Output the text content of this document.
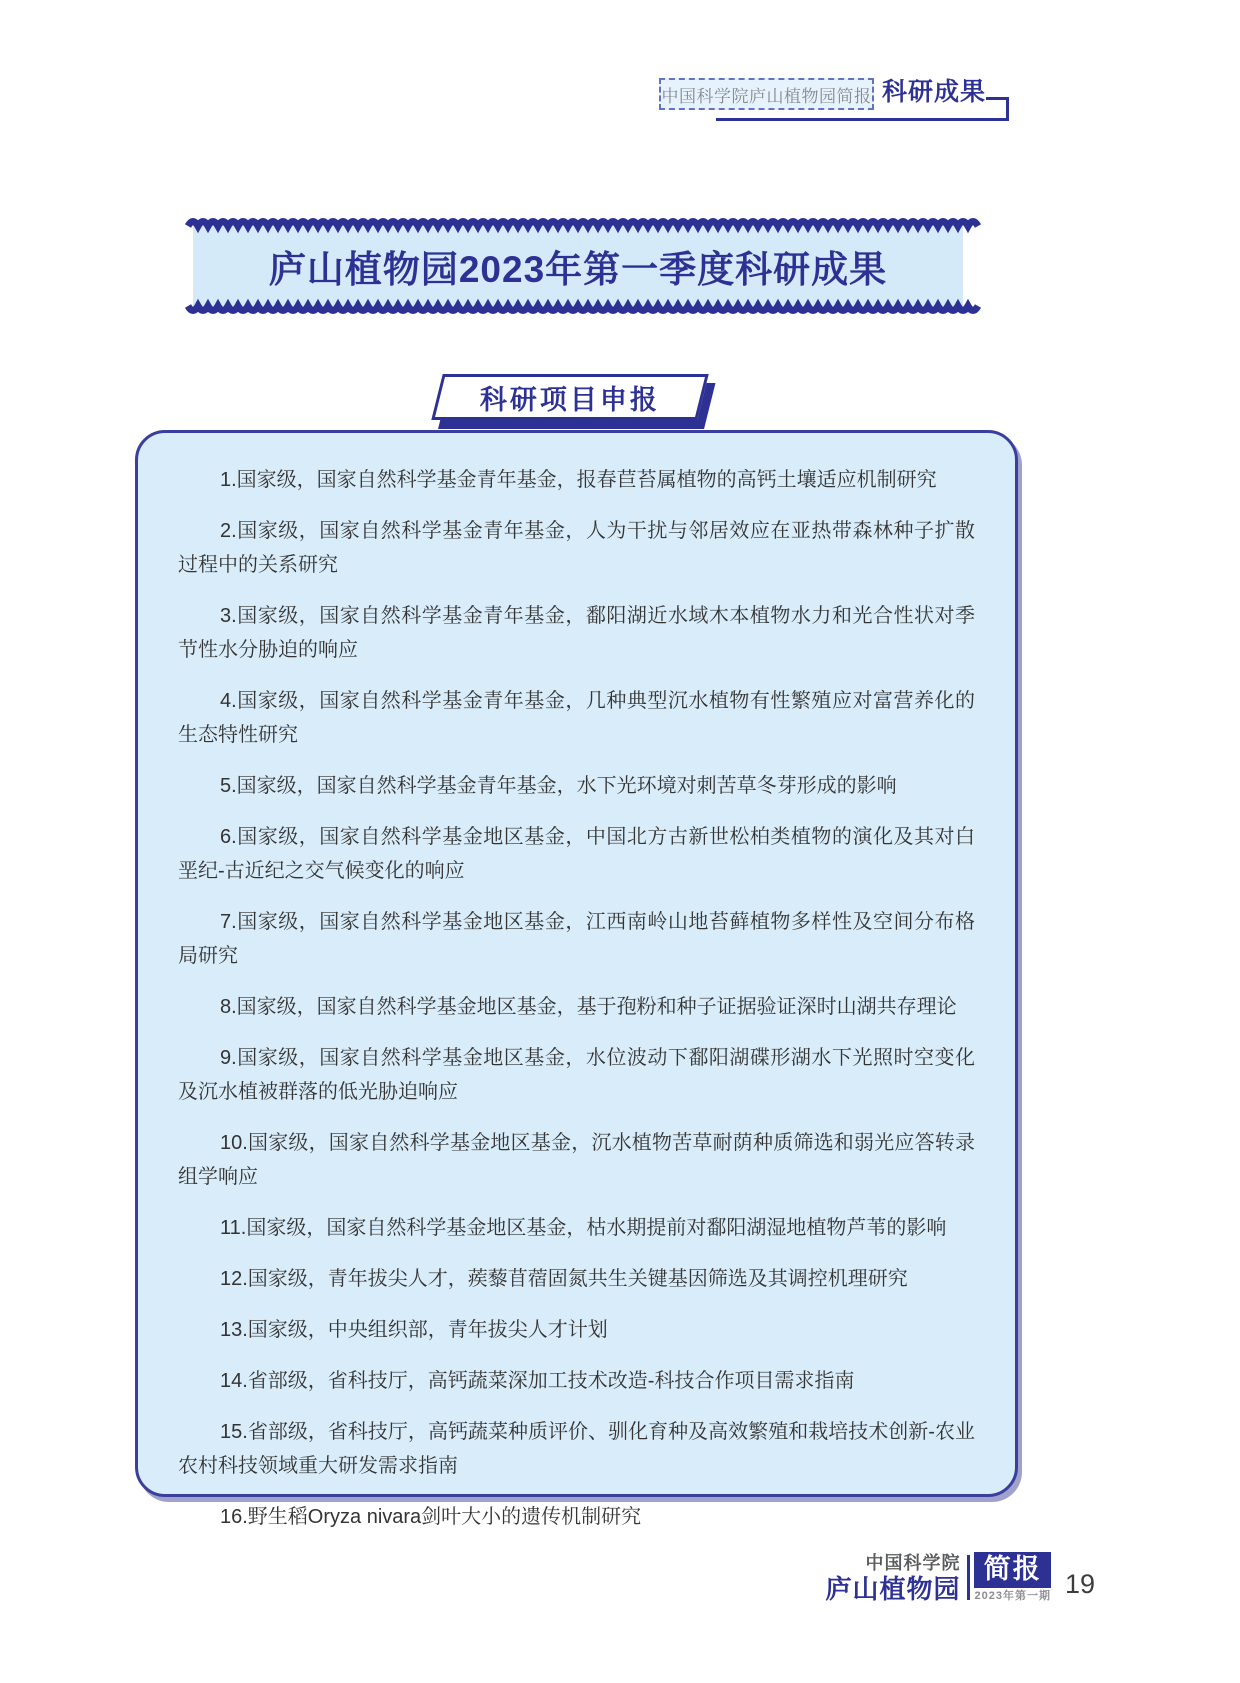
中国科学院庐山植物园简报 科研成果
庐山植物园2023年第一季度科研成果
科研项目申报

1.国家级，国家自然科学基金青年基金，报春苣苔属植物的高钙土壤适应机制研究

2.国家级，国家自然科学基金青年基金，人为干扰与邻居效应在亚热带森林种子扩散过程中的关系研究

3.国家级，国家自然科学基金青年基金，鄱阳湖近水域木本植物水力和光合性状对季节性水分胁迫的响应

4.国家级，国家自然科学基金青年基金，几种典型沉水植物有性繁殖应对富营养化的生态特性研究

5.国家级，国家自然科学基金青年基金，水下光环境对刺苦草冬芽形成的影响

6.国家级，国家自然科学基金地区基金，中国北方古新世松柏类植物的演化及其对白垩纪-古近纪之交气候变化的响应

7.国家级，国家自然科学基金地区基金，江西南岭山地苔藓植物多样性及空间分布格局研究

8.国家级，国家自然科学基金地区基金，基于孢粉和种子证据验证深时山湖共存理论

9.国家级，国家自然科学基金地区基金，水位波动下鄱阳湖碟形湖水下光照时空变化及沉水植被群落的低光胁迫响应

10.国家级，国家自然科学基金地区基金，沉水植物苦草耐荫种质筛选和弱光应答转录组学响应

11.国家级，国家自然科学基金地区基金，枯水期提前对鄱阳湖湿地植物芦苇的影响

12.国家级，青年拔尖人才，蒺藜苜蓿固氮共生关键基因筛选及其调控机理研究

13.国家级，中央组织部，青年拔尖人才计划

14.省部级，省科技厅，高钙蔬菜深加工技术改造-科技合作项目需求指南

15.省部级，省科技厅，高钙蔬菜种质评价、驯化育种及高效繁殖和栽培技术创新-农业农村科技领域重大研发需求指南

16.野生稻Oryza nivara剑叶大小的遗传机制研究

中国科学院
庐山植物园
简报
2023年第一期 19
